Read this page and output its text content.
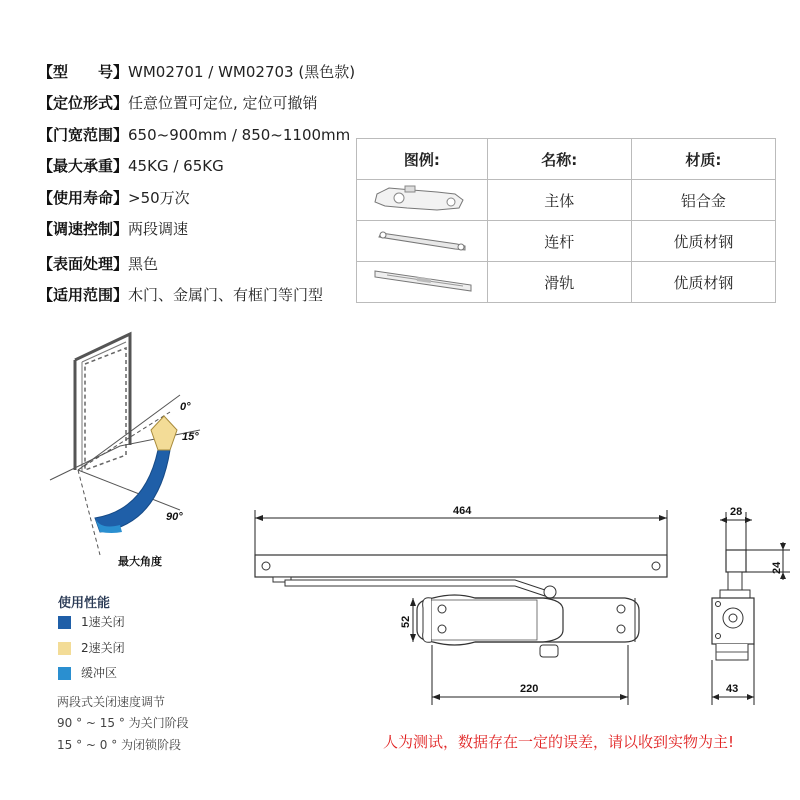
【型　　号】WM02701 / WM02703 (黑色款)
【定位形式】任意位置可定位, 定位可撤销
【门宽范围】650~900mm / 850~1100mm
【最大承重】45KG / 65KG
【使用寿命】>50万次
【调速控制】两段调速
【表面处理】黑色
【适用范围】木门、金属门、有框门等门型
图例:	名称:	材质:
	主体	铝合金
	连杆	优质材钢
	滑轨	优质材钢
0°
15°
90°
最大角度
使用性能
1速关闭
2速关闭
缓冲区
两段式关闭速度调节
90 ° ~ 15 ° 为关门阶段
15 ° ~ 0 ° 为闭锁阶段
464
52
220
28
24
43
人为测试，数据存在一定的误差，请以收到实物为主!
